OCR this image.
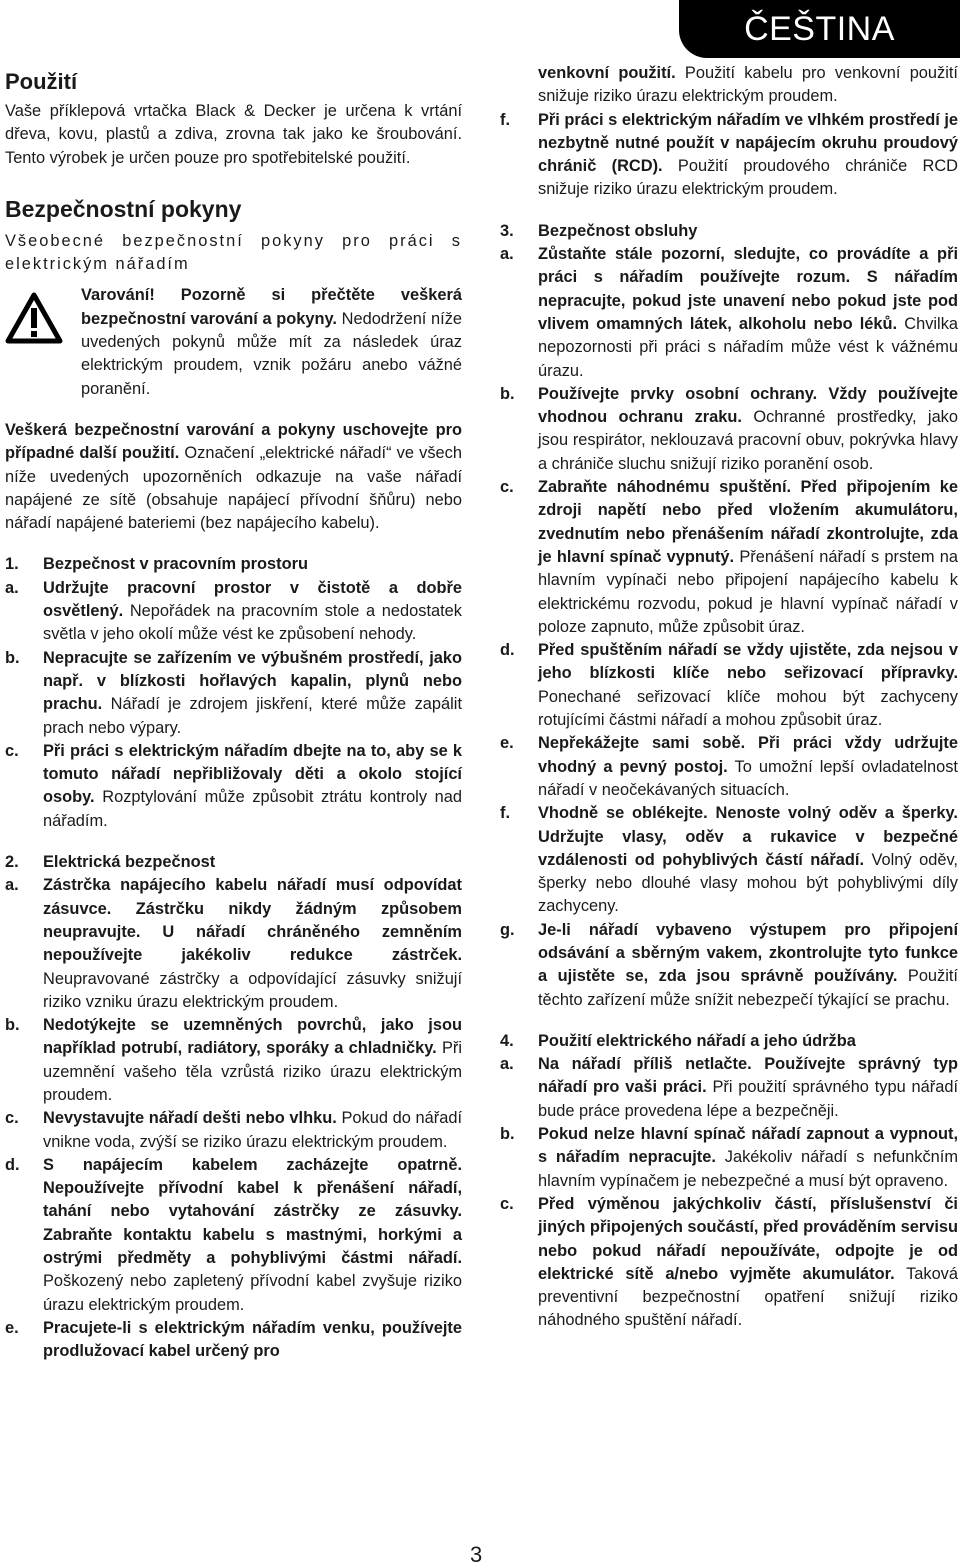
ČEŠTINA
Použití

Vaše příklepová vrtačka Black & Decker je určena k vrtání dřeva, kovu, plastů a zdiva, zrovna tak jako ke šroubování. Tento výrobek je určen pouze pro spotřebitelské použití.

Bezpečnostní pokyny

Všeobecné bezpečnostní pokyny pro práci s elektrickým nářadím

Varování! Pozorně si přečtěte veškerá bezpečnostní varování a pokyny. Nedodržení níže uvedených pokynů může mít za následek úraz elektrickým proudem, vznik požáru anebo vážné poranění.

Veškerá bezpečnostní varování a pokyny uschovejte pro případné další použití. Označení „elektrické nářadí“ ve všech níže uvedených upozorněních odkazuje na vaše nářadí napájené ze sítě (obsahuje napájecí přívodní šňůru) nebo nářadí napájené bateriemi (bez napájecího kabelu).

1.	Bezpečnost v pracovním prostoru
a.	Udržujte pracovní prostor v čistotě a dobře osvětlený. Nepořádek na pracovním stole a nedostatek světla v jeho okolí může vést ke způsobení nehody.
b.	Nepracujte se zařízením ve výbušném prostředí, jako např. v blízkosti hořlavých kapalin, plynů nebo prachu. Nářadí je zdrojem jiskření, které může zapálit prach nebo výpary.
c.	Při práci s elektrickým nářadím dbejte na to, aby se k tomuto nářadí nepřibližovaly děti a okolo stojící osoby. Rozptylování může způsobit ztrátu kontroly nad nářadím.
2.	Elektrická bezpečnost
a.	Zástrčka napájecího kabelu nářadí musí odpovídat zásuvce. Zástrčku nikdy žádným způsobem neupravujte. U nářadí chráněného zemněním nepoužívejte jakékoliv redukce zástrček. Neupravované zástrčky a odpovídající zásuvky snižují riziko vzniku úrazu elektrickým proudem.
b.	Nedotýkejte se uzemněných povrchů, jako jsou například potrubí, radiátory, sporáky a chladničky. Při uzemnění vašeho těla vzrůstá riziko úrazu elektrickým proudem.
c.	Nevystavujte nářadí dešti nebo vlhku. Pokud do nářadí vnikne voda, zvýší se riziko úrazu elektrickým proudem.
d.	S napájecím kabelem zacházejte opatrně. Nepoužívejte přívodní kabel k přenášení nářadí, tahání nebo vytahování zástrčky ze zásuvky. Zabraňte kontaktu kabelu s mastnými, horkými a ostrými předměty a pohyblivými částmi nářadí. Poškozený nebo zapletený přívodní kabel zvyšuje riziko úrazu elektrickým proudem.
e.	Pracujete-li s elektrickým nářadím venku, používejte prodlužovací kabel určený pro
venkovní použití. Použití kabelu pro venkovní použití snižuje riziko úrazu elektrickým proudem.
f.	Při práci s elektrickým nářadím ve vlhkém prostředí je nezbytně nutné použít v napájecím okruhu proudový chránič (RCD). Použití proudového chrániče RCD snižuje riziko úrazu elektrickým proudem.
3.	Bezpečnost obsluhy
a.	Zůstaňte stále pozorní, sledujte, co provádíte a při práci s nářadím používejte rozum. S nářadím nepracujte, pokud jste unavení nebo pokud jste pod vlivem omamných látek, alkoholu nebo léků. Chvilka nepozornosti při práci s nářadím může vést k vážnému úrazu.
b.	Používejte prvky osobní ochrany. Vždy používejte vhodnou ochranu zraku. Ochranné prostředky, jako jsou respirátor, neklouzavá pracovní obuv, pokrývka hlavy a chrániče sluchu snižují riziko poranění osob.
c.	Zabraňte náhodnému spuštění. Před připojením ke zdroji napětí nebo před vložením akumulátoru, zvednutím nebo přenášením nářadí zkontrolujte, zda je hlavní spínač vypnutý. Přenášení nářadí s prstem na hlavním vypínači nebo připojení napájecího kabelu k elektrickému rozvodu, pokud je hlavní vypínač nářadí v poloze zapnuto, může způsobit úraz.
d.	Před spuštěním nářadí se vždy ujistěte, zda nejsou v jeho blízkosti klíče nebo seřizovací přípravky. Ponechané seřizovací klíče mohou být zachyceny rotujícími částmi nářadí a mohou způsobit úraz.
e.	Nepřekážejte sami sobě. Při práci vždy udržujte vhodný a pevný postoj. To umožní lepší ovladatelnost nářadí v neočekávaných situacích.
f.	Vhodně se oblékejte. Nenoste volný oděv a šperky. Udržujte vlasy, oděv a rukavice v bezpečné vzdálenosti od pohyblivých částí nářadí. Volný oděv, šperky nebo dlouhé vlasy mohou být pohyblivými díly zachyceny.
g.	Je-li nářadí vybaveno výstupem pro připojení odsávání a sběrným vakem, zkontrolujte tyto funkce a ujistěte se, zda jsou správně používány. Použití těchto zařízení může snížit nebezpečí týkající se prachu.
4.	Použití elektrického nářadí a jeho údržba
a.	Na nářadí příliš netlačte. Používejte správný typ nářadí pro vaši práci. Při použití správného typu nářadí bude práce provedena lépe a bezpečněji.
b.	Pokud nelze hlavní spínač nářadí zapnout a vypnout, s nářadím nepracujte. Jakékoliv nářadí s nefunkčním hlavním vypínačem je nebezpečné a musí být opraveno.
c.	Před výměnou jakýchkoliv částí, příslušenství či jiných připojených součástí, před prováděním servisu nebo pokud nářadí nepoužíváte, odpojte je od elektrické sítě a/nebo vyjměte akumulátor. Taková preventivní bezpečnostní opatření snižují riziko náhodného spuštění nářadí.
3
